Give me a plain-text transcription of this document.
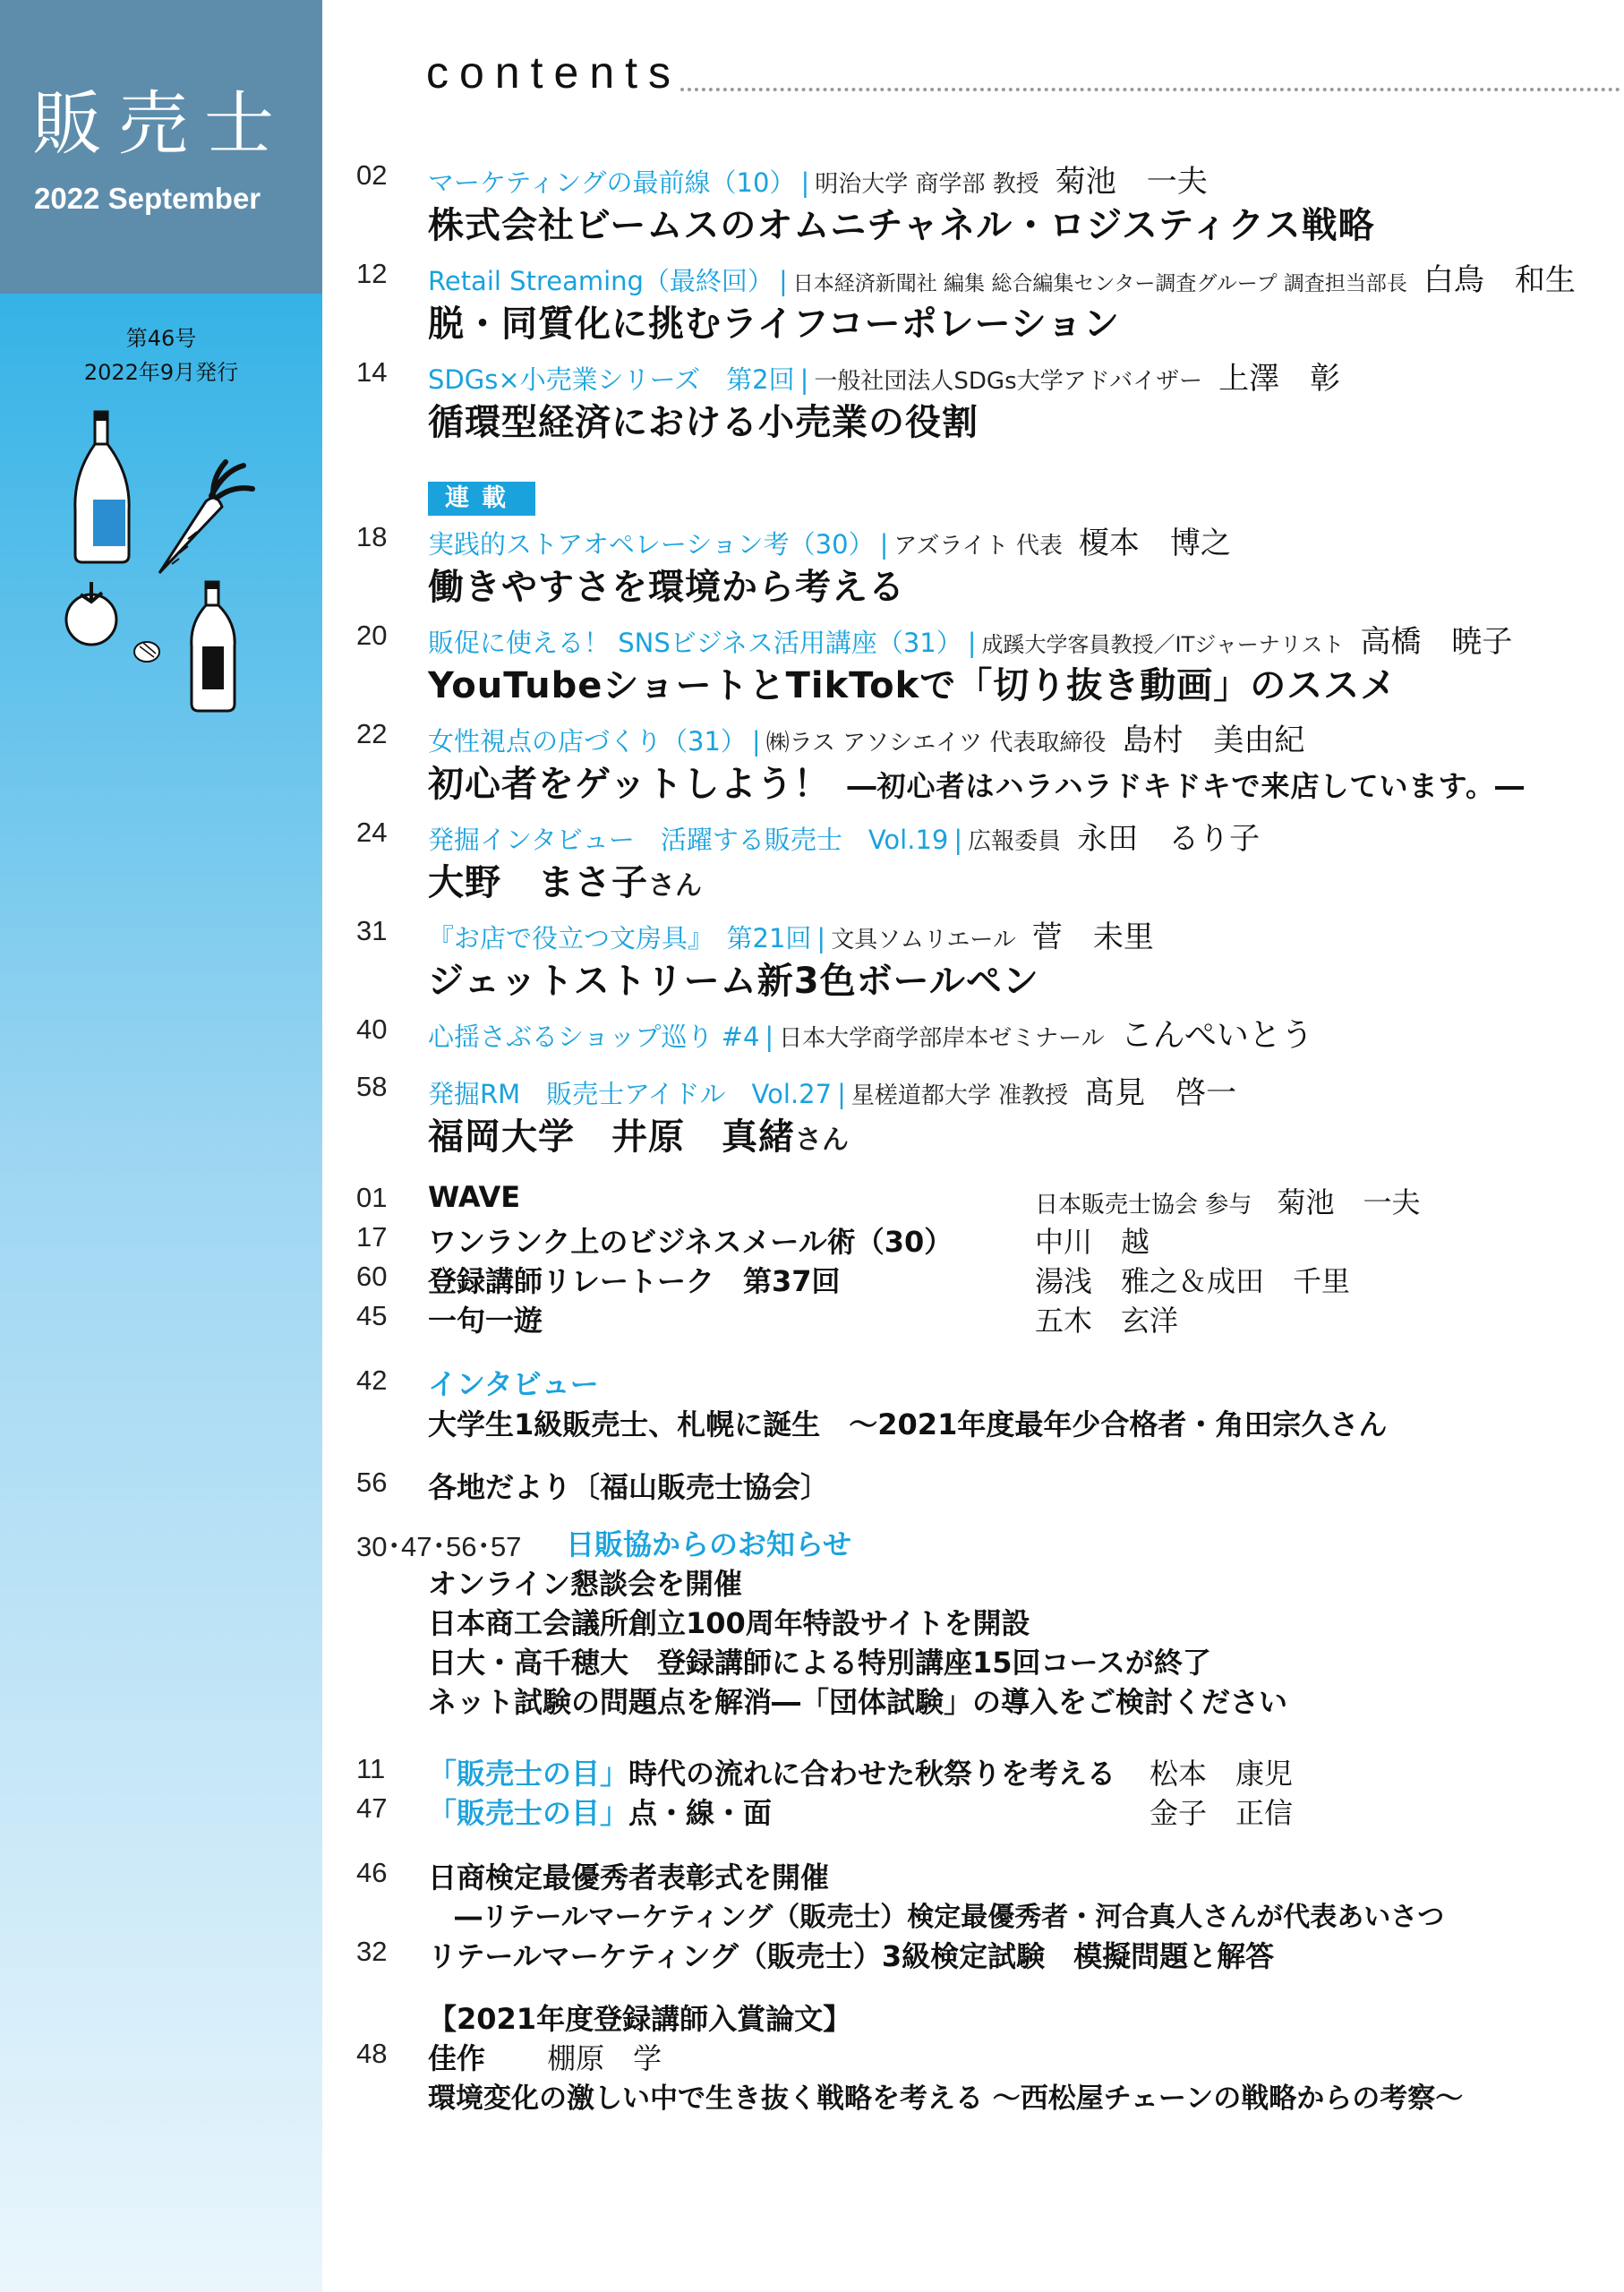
販売士
2022 September
第46号
2022年9月発行
contents
02 マーケティングの最前線（10） | 明治大学 商学部 教授 菊池　一夫
株式会社ビームスのオムニチャネル・ロジスティクス戦略
12 Retail Streaming（最終回） | 日本経済新聞社 編集 総合編集センター調査グループ 調査担当部長 白鳥　和生
脱・同質化に挑むライフコーポレーション
14 SDGs×小売業シリーズ　第2回 | 一般社団法人SDGs大学アドバイザー 上澤　彰
循環型経済における小売業の役割
連載
18 実践的ストアオペレーション考（30） | アズライト 代表 榎本　博之
働きやすさを環境から考える
20 販促に使える！ SNSビジネス活用講座（31） | 成蹊大学客員教授／ITジャーナリスト 高橋　暁子
YouTubeショートとTikTokで「切り抜き動画」のススメ
22 女性視点の店づくり（31） | ㈱ラス アソシエイツ 代表取締役 島村　美由紀
初心者をゲットしよう！ ―初心者はハラハラドキドキで来店しています。―
24 発掘インタビュー　活躍する販売士　Vol.19 | 広報委員 永田　るり子
大野　まさ子さん
31 『お店で役立つ文房具』　第21回 | 文具ソムリエール 菅　未里
ジェットストリーム新3色ボールペン
40 心揺さぶるショップ巡り #4 | 日本大学商学部岸本ゼミナール こんぺいとう
58 発掘RM　販売士アイドル　Vol.27 | 星槎道都大学 准教授 髙見　啓一
福岡大学　井原　真緒さん
01 WAVE	日本販売士協会 参与 菊池　一夫
17 ワンランク上のビジネスメール術（30）	中川　越
60 登録講師リレートーク　第37回	湯浅　雅之＆成田　千里
45 一句一遊	五木　玄洋
42 インタビュー
大学生1級販売士、札幌に誕生　～2021年度最年少合格者・角田宗久さん
56 各地だより〔福山販売士協会〕
30･47･56･57 日販協からのお知らせ
オンライン懇談会を開催
日本商工会議所創立100周年特設サイトを開設
日大・高千穂大　登録講師による特別講座15回コースが終了
ネット試験の問題点を解消―「団体試験」の導入をご検討ください
11 「販売士の目」時代の流れに合わせた秋祭りを考える 松本　康児
47 「販売士の目」点・線・面	金子　正信
46 日商検定最優秀者表彰式を開催
―リテールマーケティング（販売士）検定最優秀者・河合真人さんが代表あいさつ
32 リテールマーケティング（販売士）3級検定試験　模擬問題と解答
【2021年度登録講師入賞論文】
48 佳作 棚原　学
環境変化の激しい中で生き抜く戦略を考える ～西松屋チェーンの戦略からの考察～
